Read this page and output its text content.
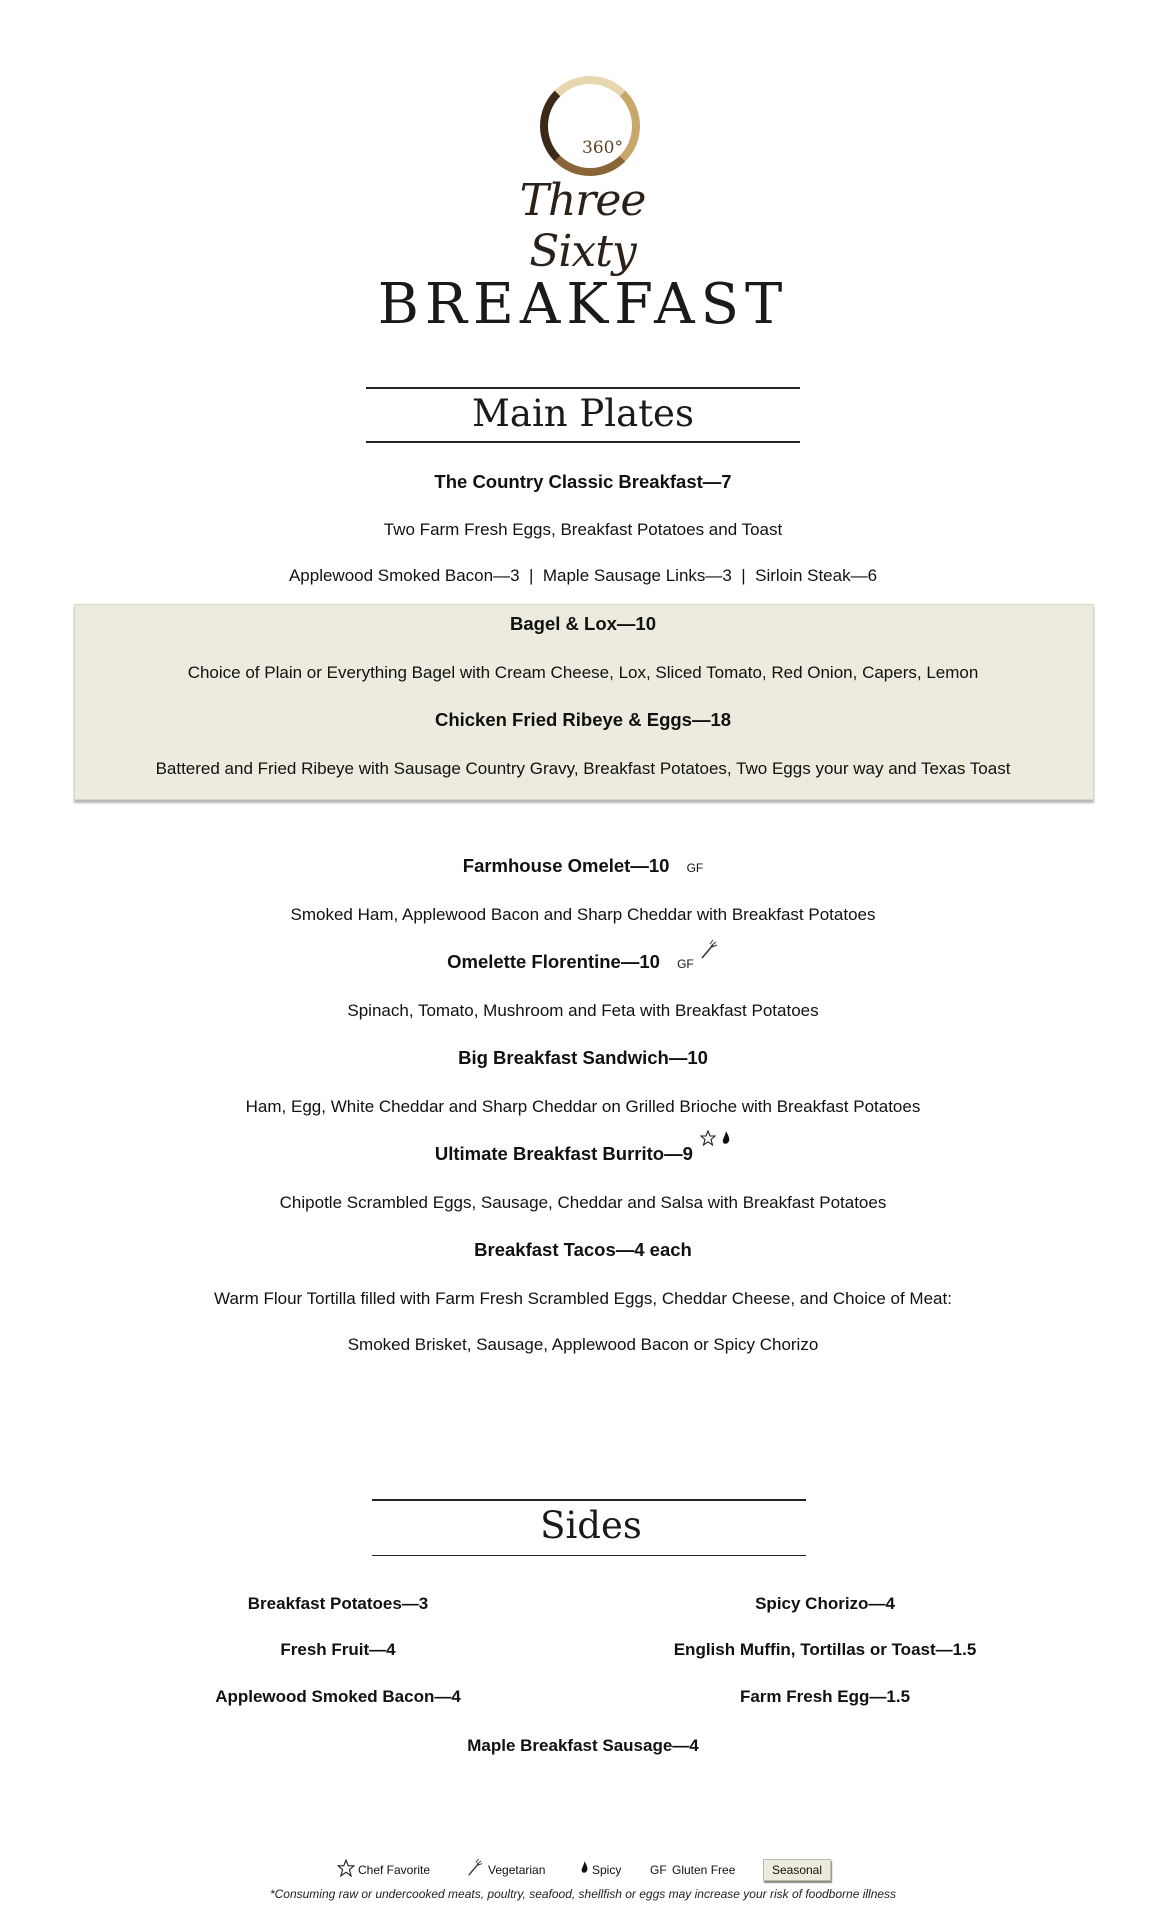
360°
Three Sixty
BREAKFAST
Main Plates
The Country Classic Breakfast—7
Two Farm Fresh Eggs, Breakfast Potatoes and Toast
Applewood Smoked Bacon—3  |  Maple Sausage Links—3  |  Sirloin Steak—6
Bagel & Lox—10
Choice of Plain or Everything Bagel with Cream Cheese, Lox, Sliced Tomato, Red Onion, Capers, Lemon
Chicken Fried Ribeye & Eggs—18
Battered and Fried Ribeye with Sausage Country Gravy, Breakfast Potatoes, Two Eggs your way and Texas Toast
Farmhouse Omelet—10 GF
Smoked Ham, Applewood Bacon and Sharp Cheddar with Breakfast Potatoes
Omelette Florentine—10 GF
Spinach, Tomato, Mushroom and Feta with Breakfast Potatoes
Big Breakfast Sandwich—10
Ham, Egg, White Cheddar and Sharp Cheddar on Grilled Brioche with Breakfast Potatoes
Ultimate Breakfast Burrito—9
Chipotle Scrambled Eggs, Sausage, Cheddar and Salsa with Breakfast Potatoes
Breakfast Tacos—4 each
Warm Flour Tortilla filled with Farm Fresh Scrambled Eggs, Cheddar Cheese, and Choice of Meat:
Smoked Brisket, Sausage, Applewood Bacon or Spicy Chorizo
Sides
Breakfast Potatoes—3
Fresh Fruit—4
Applewood Smoked Bacon—4
Spicy Chorizo—4
English Muffin, Tortillas or Toast—1.5
Farm Fresh Egg—1.5
Maple Breakfast Sausage—4
Chef Favorite	Vegetarian	Spicy GF Gluten Free	Seasonal
*Consuming raw or undercooked meats, poultry, seafood, shellfish or eggs may increase your risk of foodborne illness
